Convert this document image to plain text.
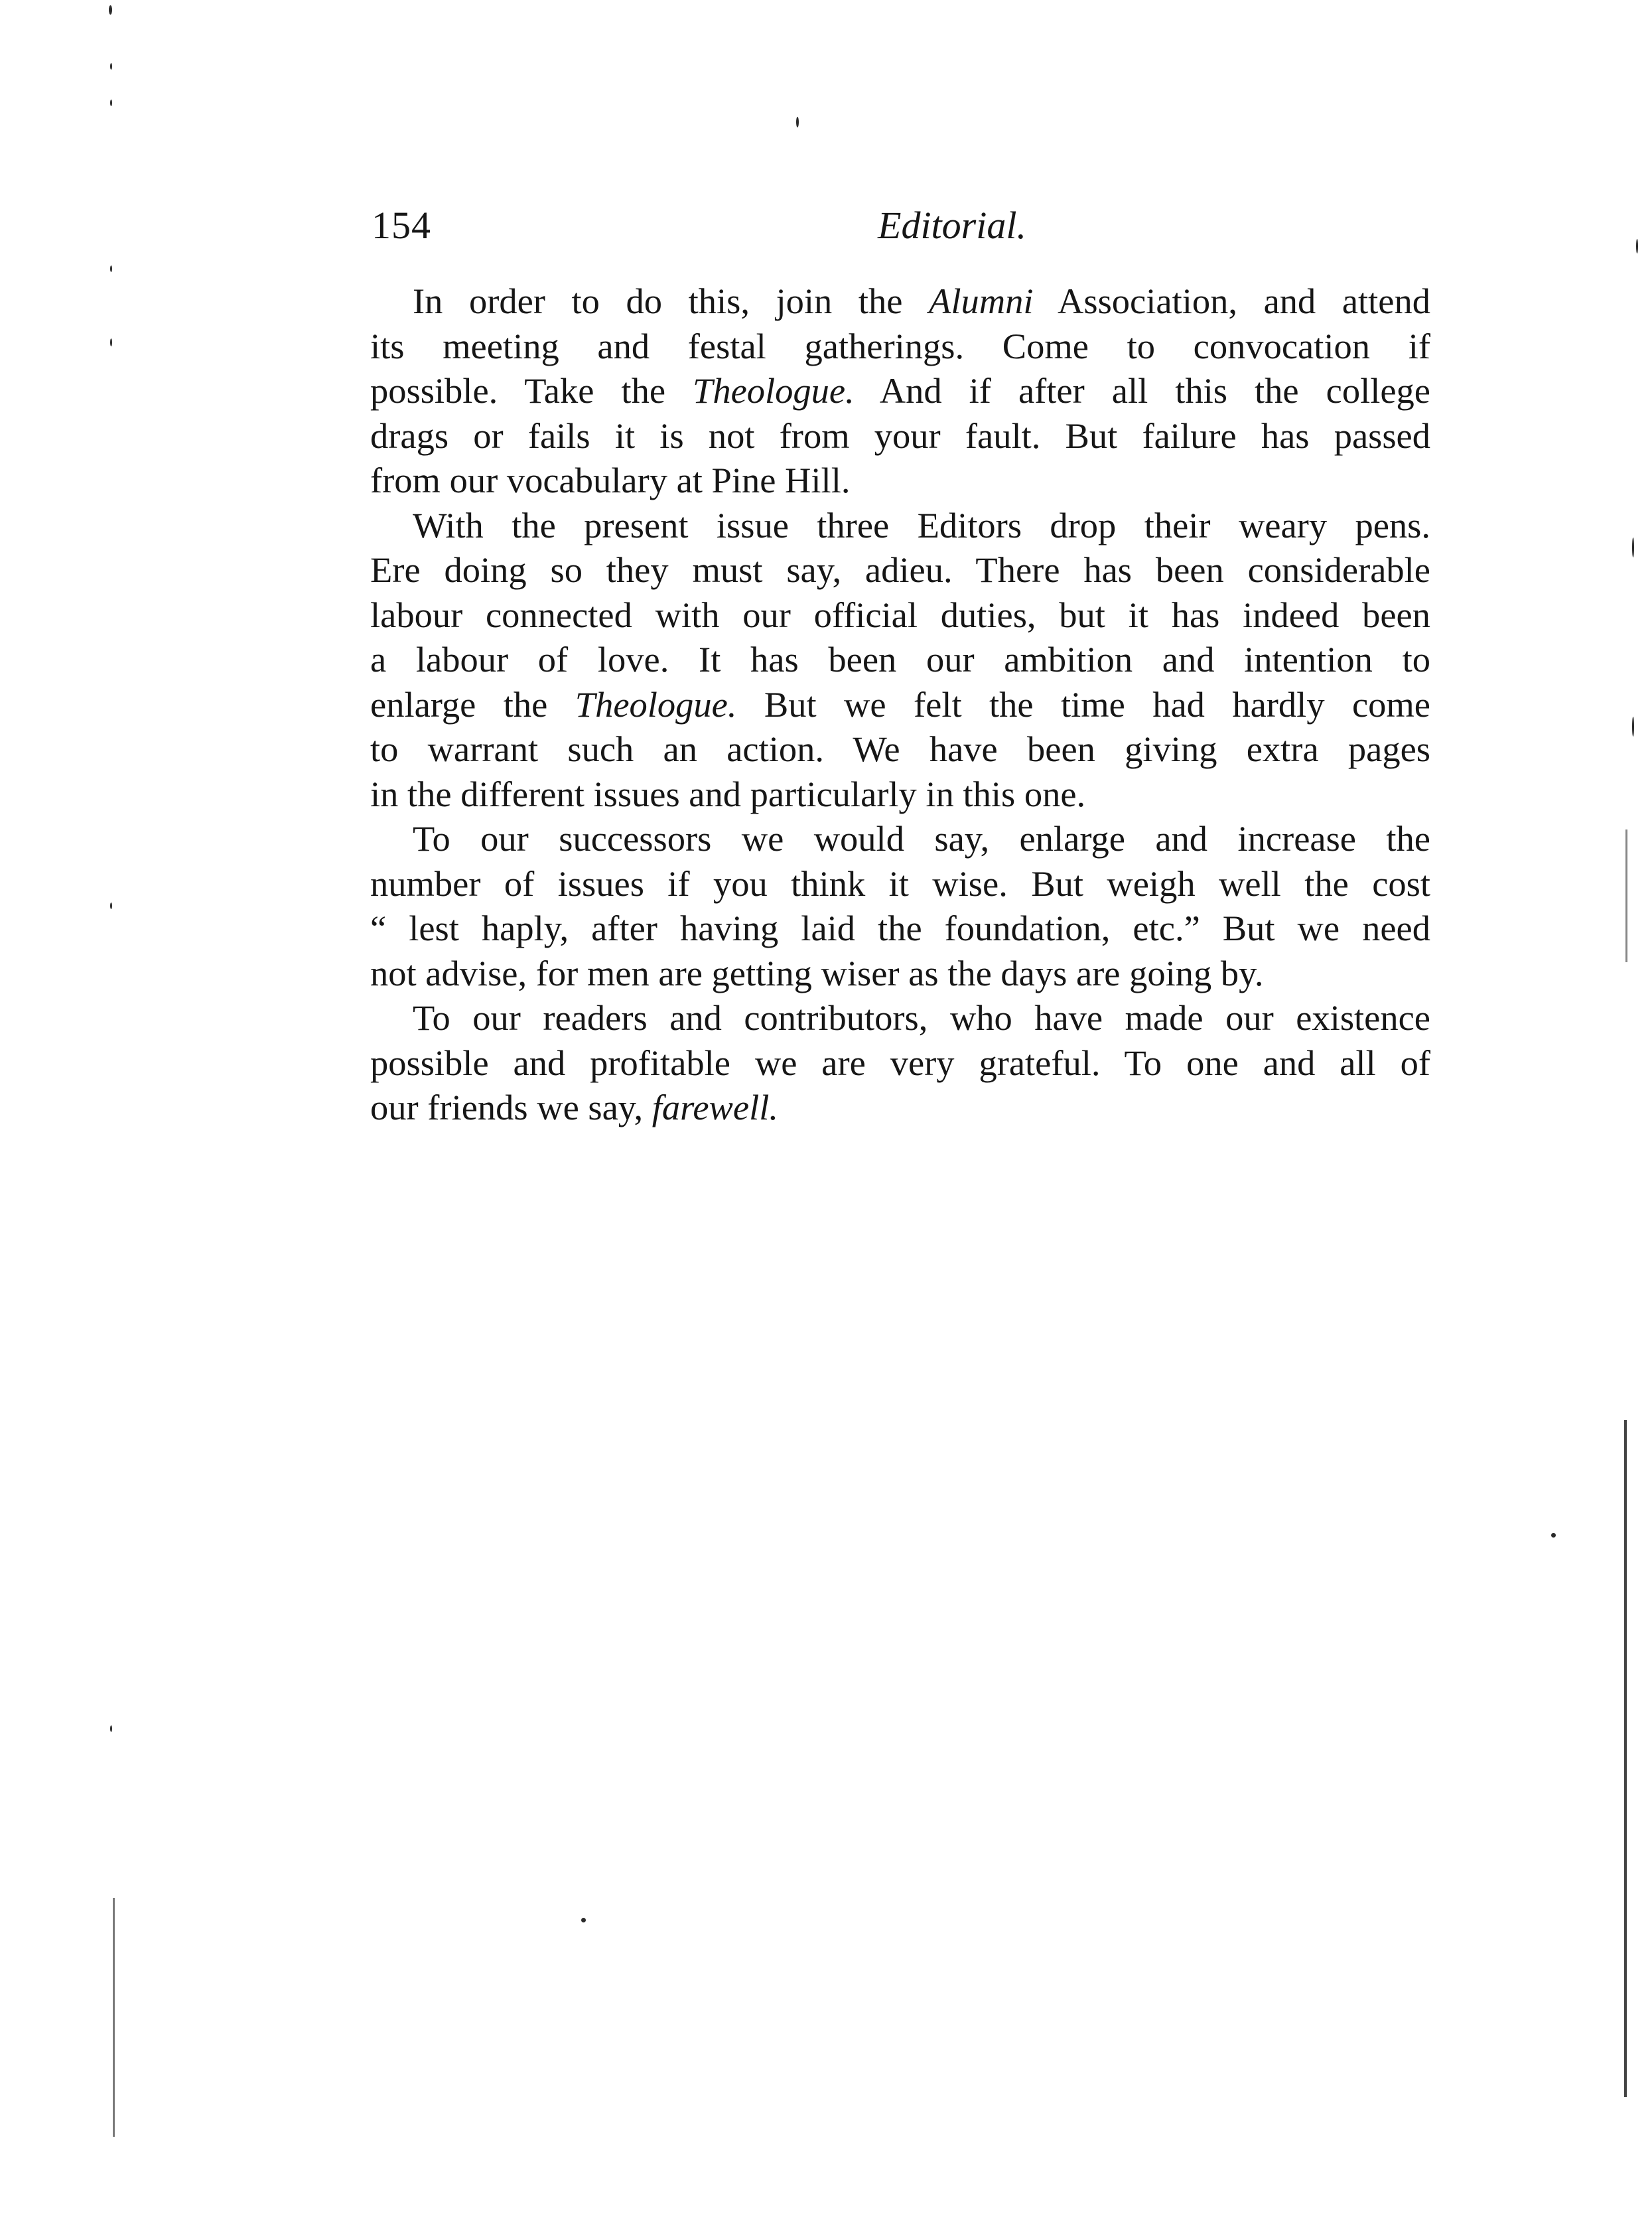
154	Editorial.
In order to do this, join the Alumni Association, and attend
its meeting and festal gatherings. Come to convocation if
possible. Take the Theologue. And if after all this the college
drags or fails it is not from your fault. But failure has passed
from our vocabulary at Pine Hill.
With the present issue three Editors drop their weary pens.
Ere doing so they must say, adieu. There has been considerable
labour connected with our official duties, but it has indeed been
a labour of love. It has been our ambition and intention to
enlarge the Theologue. But we felt the time had hardly come
to warrant such an action. We have been giving extra pages
in the different issues and particularly in this one.
To our successors we would say, enlarge and increase the
number of issues if you think it wise. But weigh well the cost
“ lest haply, after having laid the foundation, etc.” But we need
not advise, for men are getting wiser as the days are going by.
To our readers and contributors, who have made our existence
possible and profitable we are very grateful. To one and all of
our friends we say, farewell.
